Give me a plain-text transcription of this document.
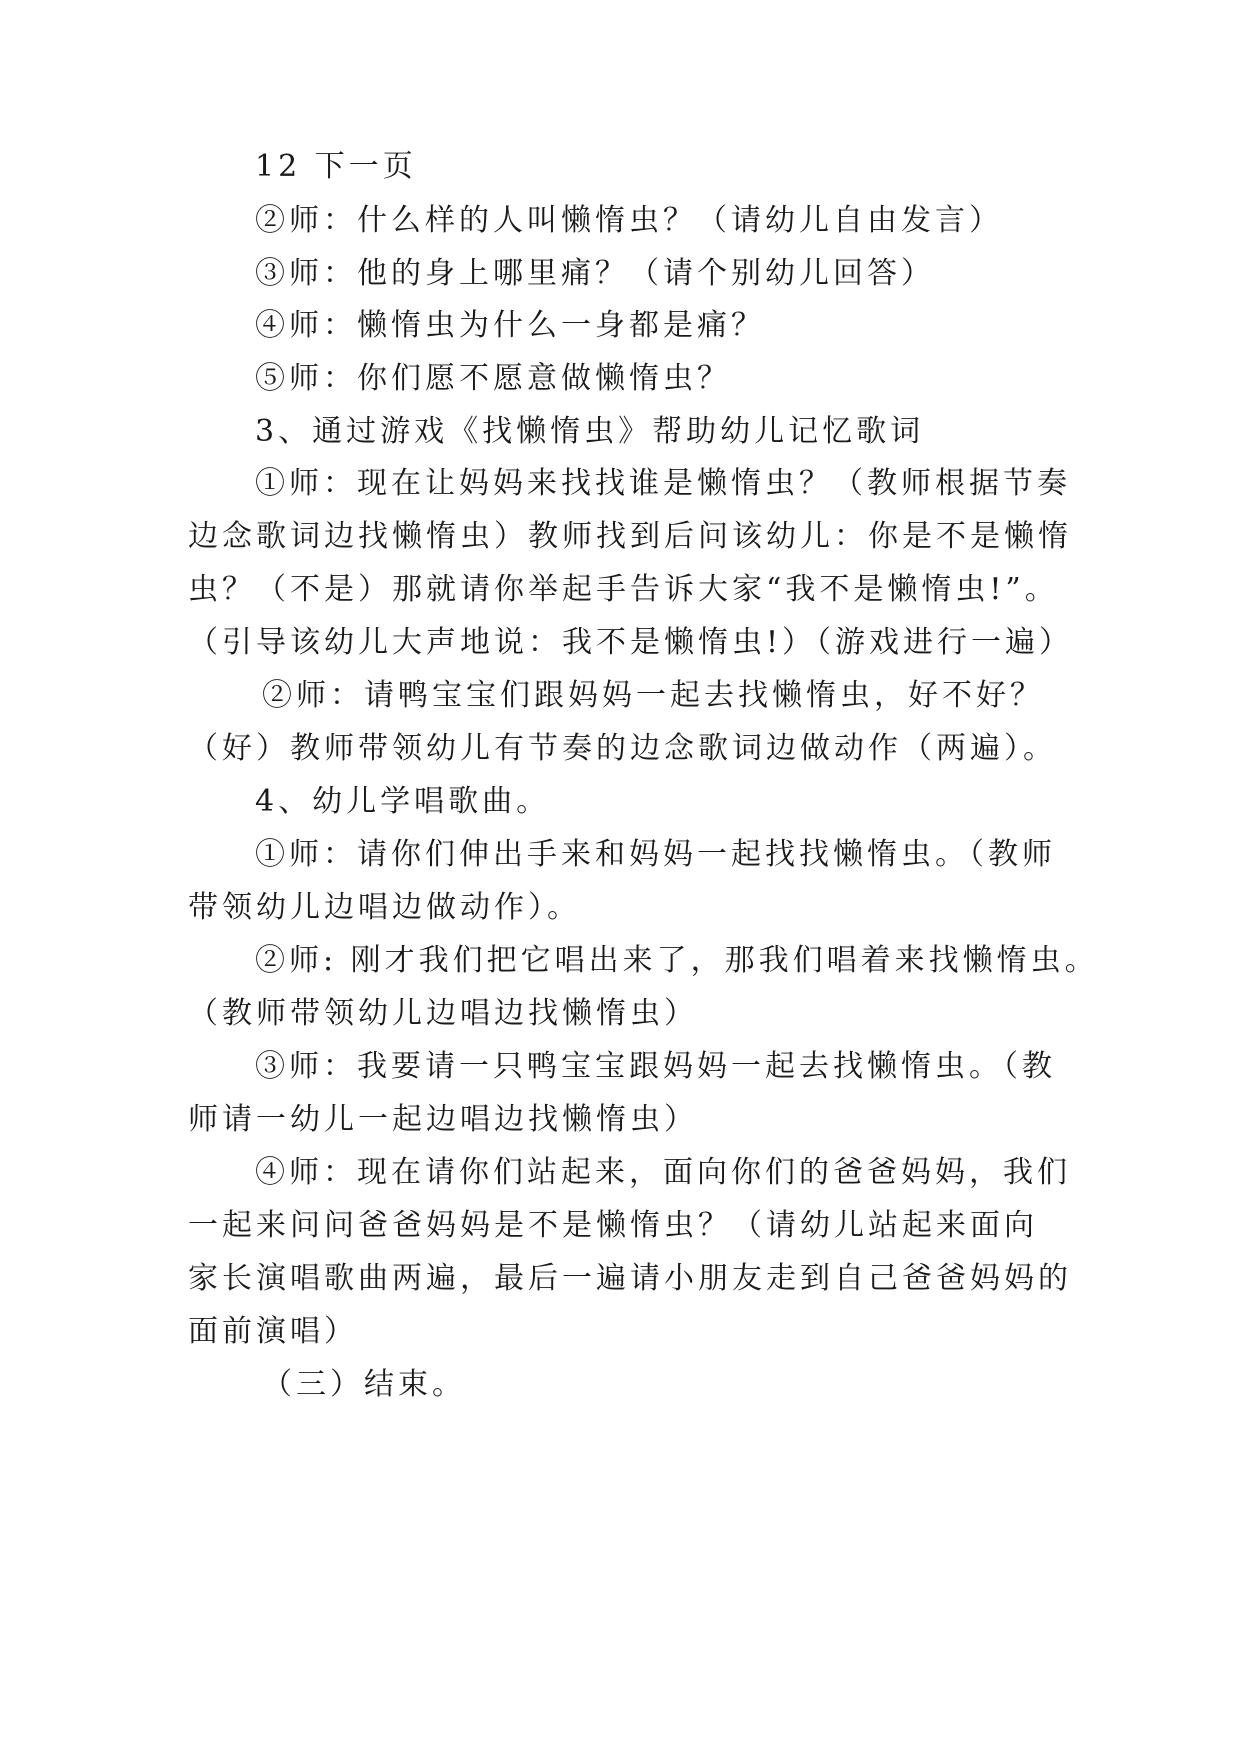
12 下一页
②师：什么样的人叫懒惰虫？（请幼儿自由发言）
③师：他的身上哪里痛？（请个别幼儿回答）
④师：懒惰虫为什么一身都是痛？
⑤师：你们愿不愿意做懒惰虫？
3、通过游戏《找懒惰虫》帮助幼儿记忆歌词
①师：现在让妈妈来找找谁是懒惰虫？（教师根据节奏
边念歌词边找懒惰虫）教师找到后问该幼儿：你是不是懒惰
虫？（不是）那就请你举起手告诉大家“我不是懒惰虫!”。
（引导该幼儿大声地说：我不是懒惰虫!）（游戏进行一遍）
②师：请鸭宝宝们跟妈妈一起去找懒惰虫，好不好？
（好）教师带领幼儿有节奏的边念歌词边做动作（两遍）。
4、幼儿学唱歌曲。
①师：请你们伸出手来和妈妈一起找找懒惰虫。（教师
带领幼儿边唱边做动作）。
②师: 刚才我们把它唱出来了，那我们唱着来找懒惰虫。
（教师带领幼儿边唱边找懒惰虫）
③师：我要请一只鸭宝宝跟妈妈一起去找懒惰虫。（教
师请一幼儿一起边唱边找懒惰虫）
④师：现在请你们站起来，面向你们的爸爸妈妈，我们
一起来问问爸爸妈妈是不是懒惰虫？（请幼儿站起来面向
家长演唱歌曲两遍，最后一遍请小朋友走到自己爸爸妈妈的
面前演唱）
（三）结束。
